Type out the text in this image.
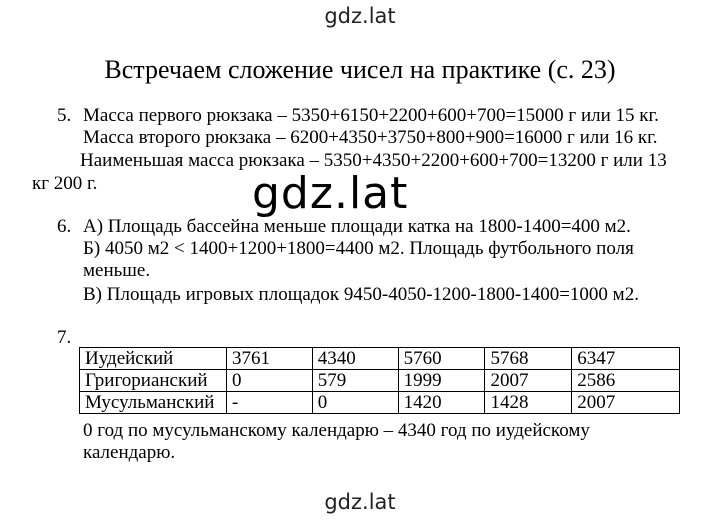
gdz.lat
Встречаем сложение чисел на практике (с. 23)
5. Масса первого рюкзака – 5350+6150+2200+600+700=15000 г или 15 кг.
Масса второго рюкзака – 6200+4350+3750+800+900=16000 г или 16 кг.
Наименьшая масса рюкзака – 5350+4350+2200+600+700=13200 г или 13
кг 200 г.
6. А) Площадь бассейна меньше площади катка на 1800-1400=400 м2.
Б) 4050 м2 < 1400+1200+1800=4400 м2. Площадь футбольного поля
меньше.
В) Площадь игровых площадок 9450-4050-1200-1800-1400=1000 м2.
7.
Иудейский	3761	4340	5760	5768	6347
Григорианский	0	579	1999	2007	2586
Мусульманский	-	0	1420	1428	2007
0 год по мусульманскому календарю – 4340 год по иудейскому
календарю.
gdz.lat
gdz.lat
